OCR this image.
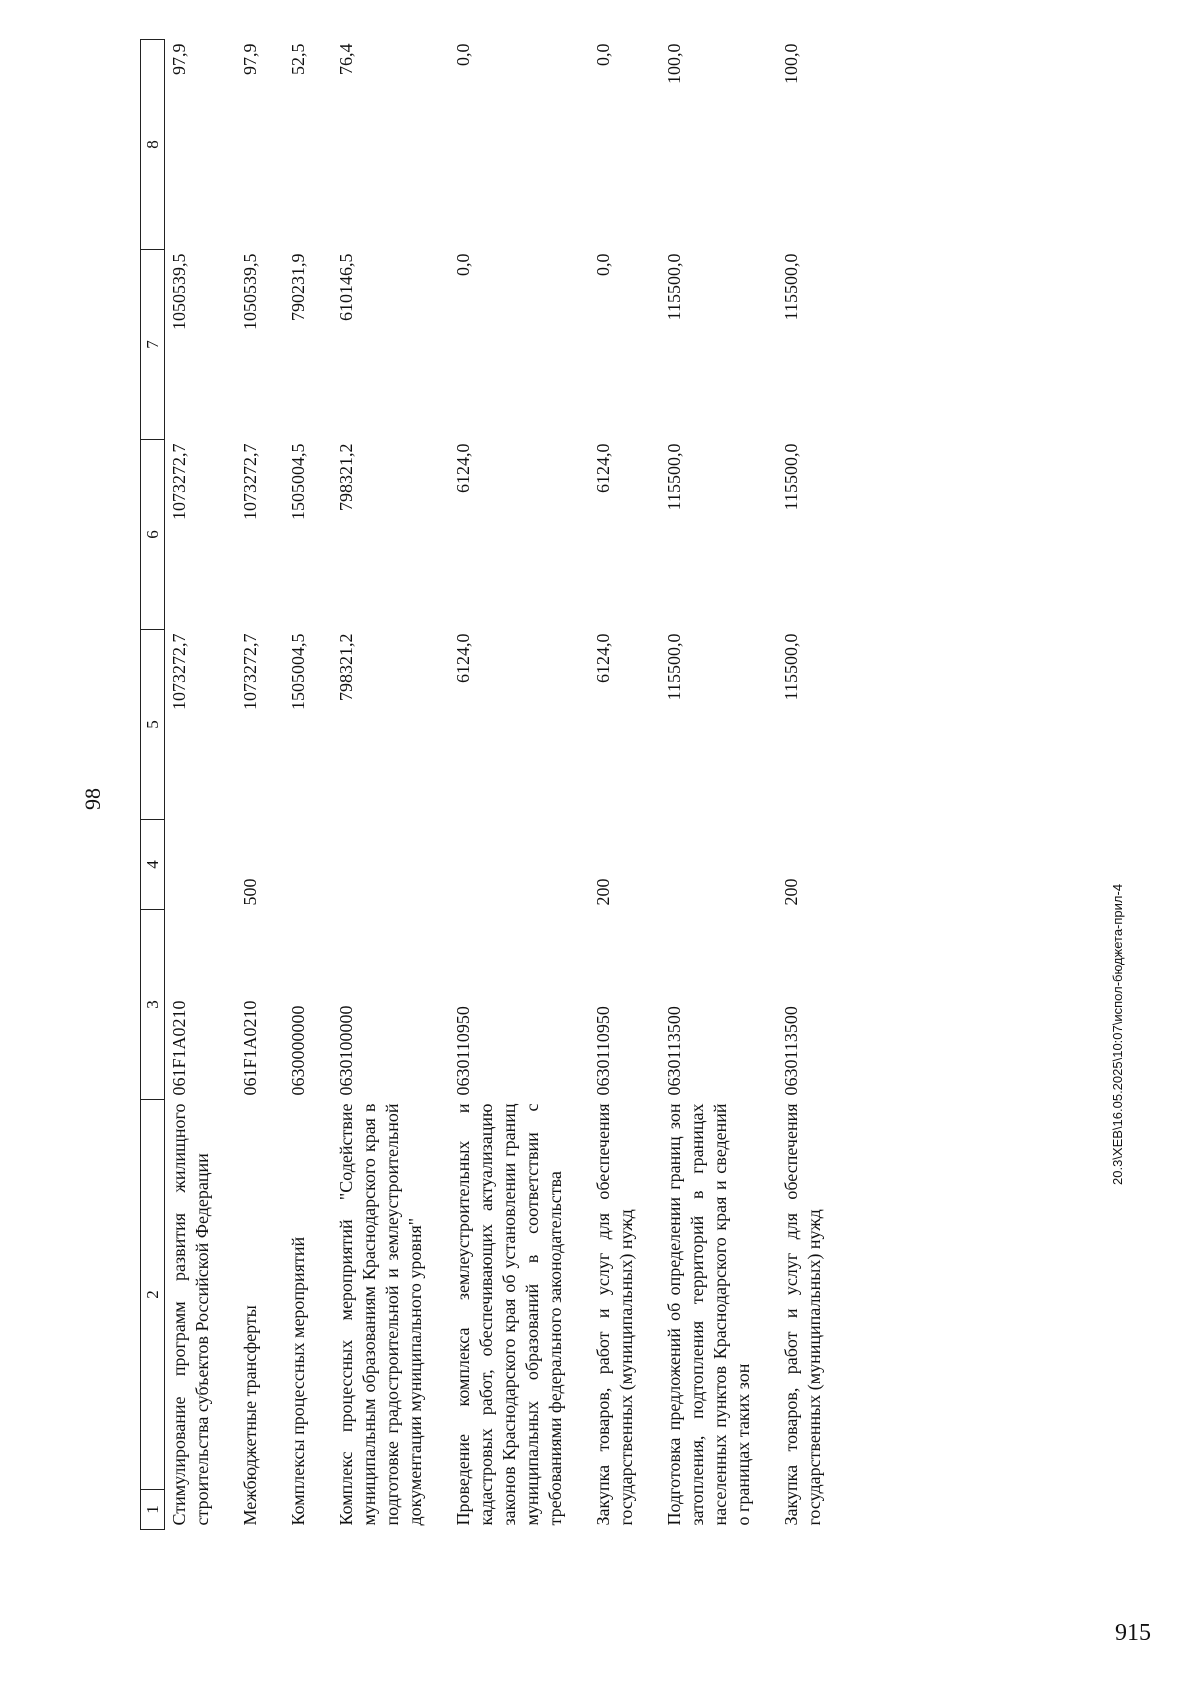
98
1	2	3	4	5	6	7	8
Стимулирование программ развития жилищного строительства субъектов Российской Федерации		061F1A0210		1073272,7	1073272,7	1050539,5	97,9
Межбюджетные трансферты		061F1A0210	500	1073272,7	1073272,7	1050539,5	97,9
Комплексы процессных мероприятий		0630000000		1505004,5	1505004,5	790231,9	52,5
Комплекс процессных мероприятий "Содействие муниципальным образованиям Краснодарского края в подготовке градостроительной и землеустроительной документации муниципального уровня"		0630100000		798321,2	798321,2	610146,5	76,4
Проведение комплекса землеустроительных и кадастровых работ, обеспечивающих актуализацию законов Краснодарского края об установлении границ муниципальных образований в соответствии с требованиями федерального законодательства		0630110950		6124,0	6124,0	0,0	0,0
Закупка товаров, работ и услуг для обеспечения государственных (муниципальных) нужд		0630110950	200	6124,0	6124,0	0,0	0,0
Подготовка предложений об определении границ зон затопления, подтопления территорий в границах населенных пунктов Краснодарского края и сведений о границах таких зон		0630113500		115500,0	115500,0	115500,0	100,0
Закупка товаров, работ и услуг для обеспечения государственных (муниципальных) нужд		0630113500	200	115500,0	115500,0	115500,0	100,0
20.3\XEB\16.05.2025\10:07\испол-бюджета-прил-4
915
